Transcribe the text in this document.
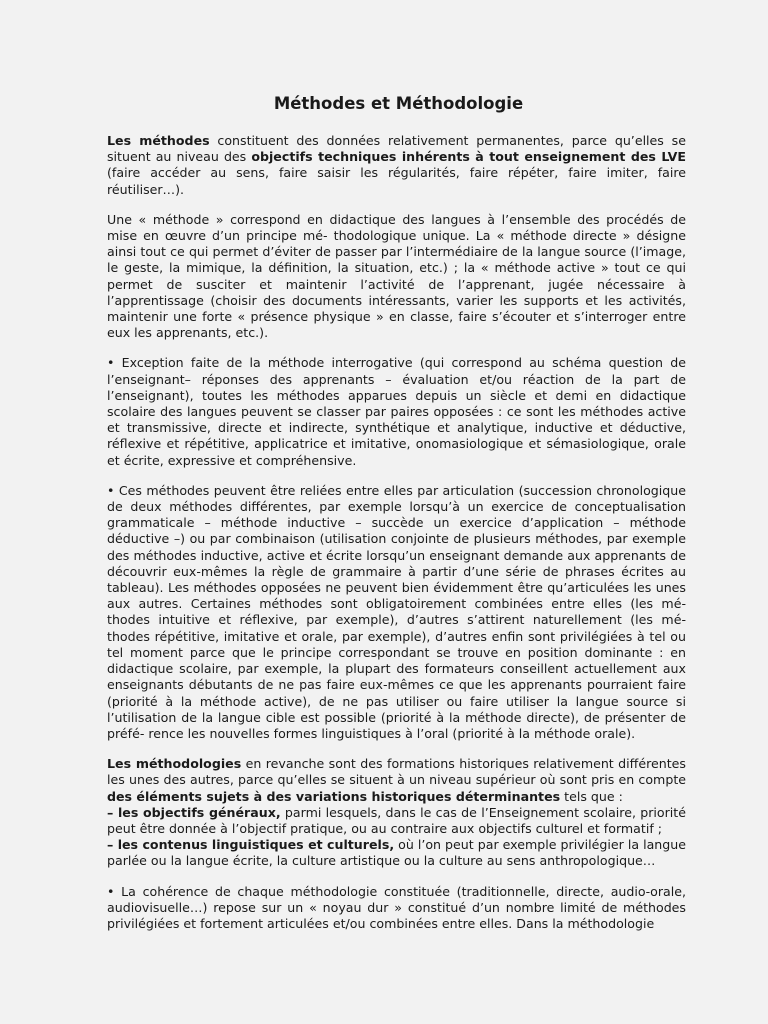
Méthodes et Méthodologie

Les méthodes constituent des données relativement permanentes, parce qu’elles se situent au niveau des objectifs techniques inhérents à tout enseignement des LVE (faire accéder au sens, faire saisir les régularités, faire répéter, faire imiter, faire réutiliser…).

Une « méthode » correspond en didactique des langues à l’ensemble des procédés de mise en œuvre d’un principe mé‑ thodologique unique. La « méthode directe » désigne ainsi tout ce qui permet d’éviter de passer par l’intermédiaire de la langue source (l’image, le geste, la mimique, la définition, la situation, etc.) ; la « méthode active » tout ce qui permet de susciter et maintenir l’activité de l’apprenant, jugée nécessaire à l’apprentissage (choisir des documents intéressants, varier les supports et les activités, maintenir une forte « présence physique » en classe, faire s’écouter et s’interroger entre eux les apprenants, etc.).

• Exception faite de la méthode interrogative (qui correspond au schéma question de l’enseignant– réponses des apprenants – évaluation et/ou réaction de la part de l’enseignant), toutes les méthodes apparues depuis un siècle et demi en didactique scolaire des langues peuvent se classer par paires opposées : ce sont les méthodes active et transmissive, directe et indirecte, synthétique et analytique, inductive et déductive, réflexive et répétitive, applicatrice et imitative, onomasiologique et sémasiologique, orale et écrite, expressive et compréhensive.

• Ces méthodes peuvent être reliées entre elles par articulation (succession chronologique de deux méthodes différentes, par exemple lorsqu’à un exercice de conceptualisation grammaticale – méthode inductive – succède un exercice d’application – méthode déductive –) ou par combinaison (utilisation conjointe de plusieurs méthodes, par exemple des méthodes inductive, active et écrite lorsqu’un enseignant demande aux apprenants de découvrir eux‑mêmes la règle de grammaire à partir d’une série de phrases écrites au tableau). Les méthodes opposées ne peuvent bien évidemment être qu’articulées les unes aux autres. Certaines méthodes sont obligatoirement combinées entre elles (les mé‑ thodes intuitive et réflexive, par exemple), d’autres s’attirent naturellement (les mé‑ thodes répétitive, imitative et orale, par exemple), d’autres enfin sont privilégiées à tel ou tel moment parce que le principe correspondant se trouve en position dominante : en didactique scolaire, par exemple, la plupart des formateurs conseillent actuellement aux enseignants débutants de ne pas faire eux‑mêmes ce que les apprenants pourraient faire (priorité à la méthode active), de ne pas utiliser ou faire utiliser la langue source si l’utilisation de la langue cible est possible (priorité à la méthode directe), de présenter de préfé‑ rence les nouvelles formes linguistiques à l’oral (priorité à la méthode orale).

Les méthodologies en revanche sont des formations historiques relativement différentes les unes des autres, parce qu’elles se situent à un niveau supérieur où sont pris en compte des éléments sujets à des variations historiques déterminantes tels que :
– les objectifs généraux, parmi lesquels, dans le cas de l’Enseignement scolaire, priorité peut être donnée à l’objectif pratique, ou au contraire aux objectifs culturel et formatif ;
– les contenus linguistiques et culturels, où l’on peut par exemple privilégier la langue parlée ou la langue écrite, la culture artistique ou la culture au sens anthropologique…

• La cohérence de chaque méthodologie constituée (traditionnelle, directe, audio‑orale, audiovisuelle…) repose sur un « noyau dur » constitué d’un nombre limité de méthodes privilégiées et fortement articulées et/ou combinées entre elles. Dans la méthodologie
